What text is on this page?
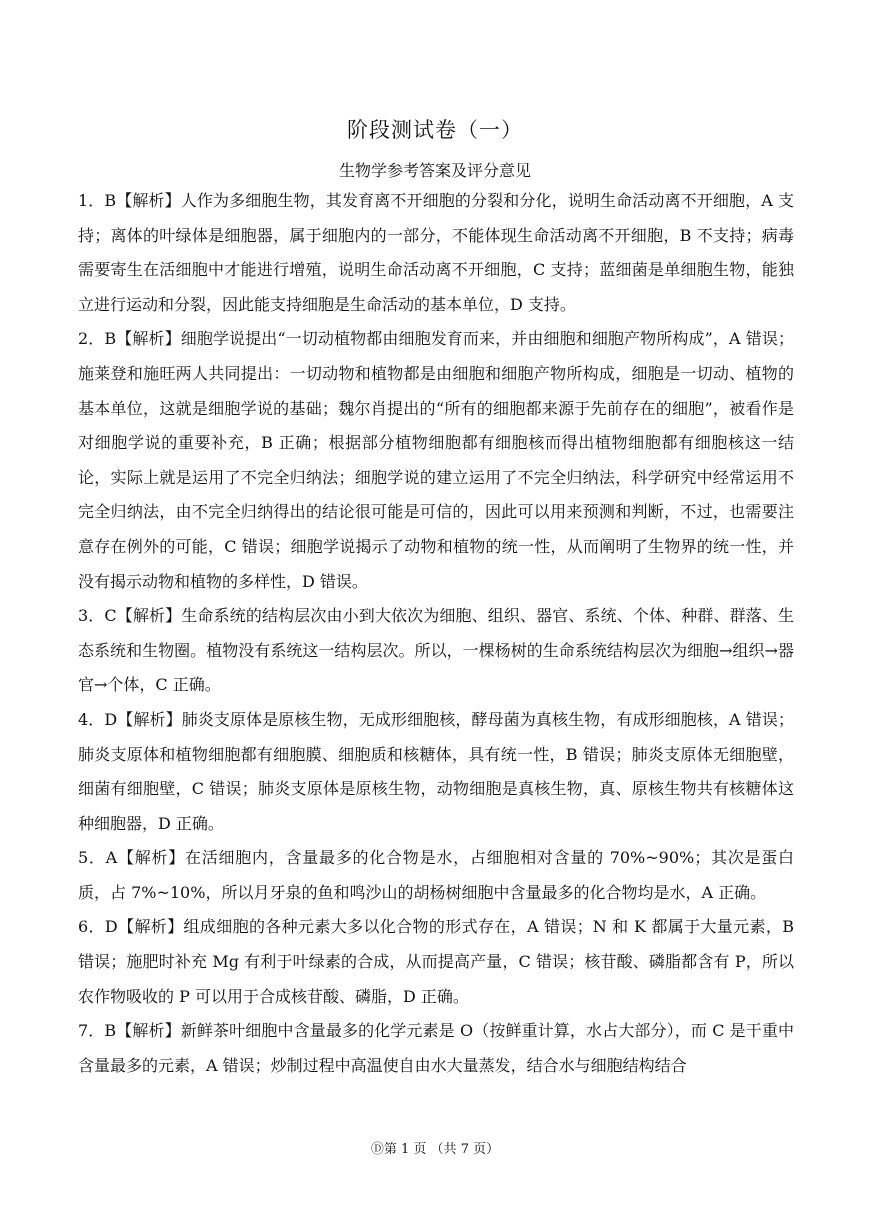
阶段测试卷（一）
生物学参考答案及评分意见

1．B【解析】人作为多细胞生物，其发育离不开细胞的分裂和分化，说明生命活动离不开细胞，A 支持；离体的叶绿体是细胞器，属于细胞内的一部分，不能体现生命活动离不开细胞，B 不支持；病毒需要寄生在活细胞中才能进行增殖，说明生命活动离不开细胞，C 支持；蓝细菌是单细胞生物，能独立进行运动和分裂，因此能支持细胞是生命活动的基本单位，D 支持。

2．B【解析】细胞学说提出“一切动植物都由细胞发育而来，并由细胞和细胞产物所构成”，A 错误；施莱登和施旺两人共同提出：一切动物和植物都是由细胞和细胞产物所构成，细胞是一切动、植物的基本单位，这就是细胞学说的基础；魏尔肖提出的“所有的细胞都来源于先前存在的细胞”，被看作是对细胞学说的重要补充，B 正确；根据部分植物细胞都有细胞核而得出植物细胞都有细胞核这一结论，实际上就是运用了不完全归纳法；细胞学说的建立运用了不完全归纳法，科学研究中经常运用不完全归纳法，由不完全归纳得出的结论很可能是可信的，因此可以用来预测和判断，不过，也需要注意存在例外的可能，C 错误；细胞学说揭示了动物和植物的统一性，从而阐明了生物界的统一性，并没有揭示动物和植物的多样性，D 错误。

3．C【解析】生命系统的结构层次由小到大依次为细胞、组织、器官、系统、个体、种群、群落、生态系统和生物圈。植物没有系统这一结构层次。所以，一棵杨树的生命系统结构层次为细胞→组织→器官→个体，C 正确。

4．D【解析】肺炎支原体是原核生物，无成形细胞核，酵母菌为真核生物，有成形细胞核，A 错误；肺炎支原体和植物细胞都有细胞膜、细胞质和核糖体，具有统一性，B 错误；肺炎支原体无细胞壁，细菌有细胞壁，C 错误；肺炎支原体是原核生物，动物细胞是真核生物，真、原核生物共有核糖体这种细胞器，D 正确。

5．A【解析】在活细胞内，含量最多的化合物是水，占细胞相对含量的 70%~90%；其次是蛋白质，占 7%~10%，所以月牙泉的鱼和鸣沙山的胡杨树细胞中含量最多的化合物均是水，A 正确。

6．D【解析】组成细胞的各种元素大多以化合物的形式存在，A 错误；N 和 K 都属于大量元素，B 错误；施肥时补充 Mg 有利于叶绿素的合成，从而提高产量，C 错误；核苷酸、磷脂都含有 P，所以农作物吸收的 P 可以用于合成核苷酸、磷脂，D 正确。

7．B【解析】新鲜茶叶细胞中含量最多的化学元素是 O（按鲜重计算，水占大部分），而 C 是干重中含量最多的元素，A 错误；炒制过程中高温使自由水大量蒸发，结合水与细胞结构结合

Ⓓ第 1 页 （共 7 页）
